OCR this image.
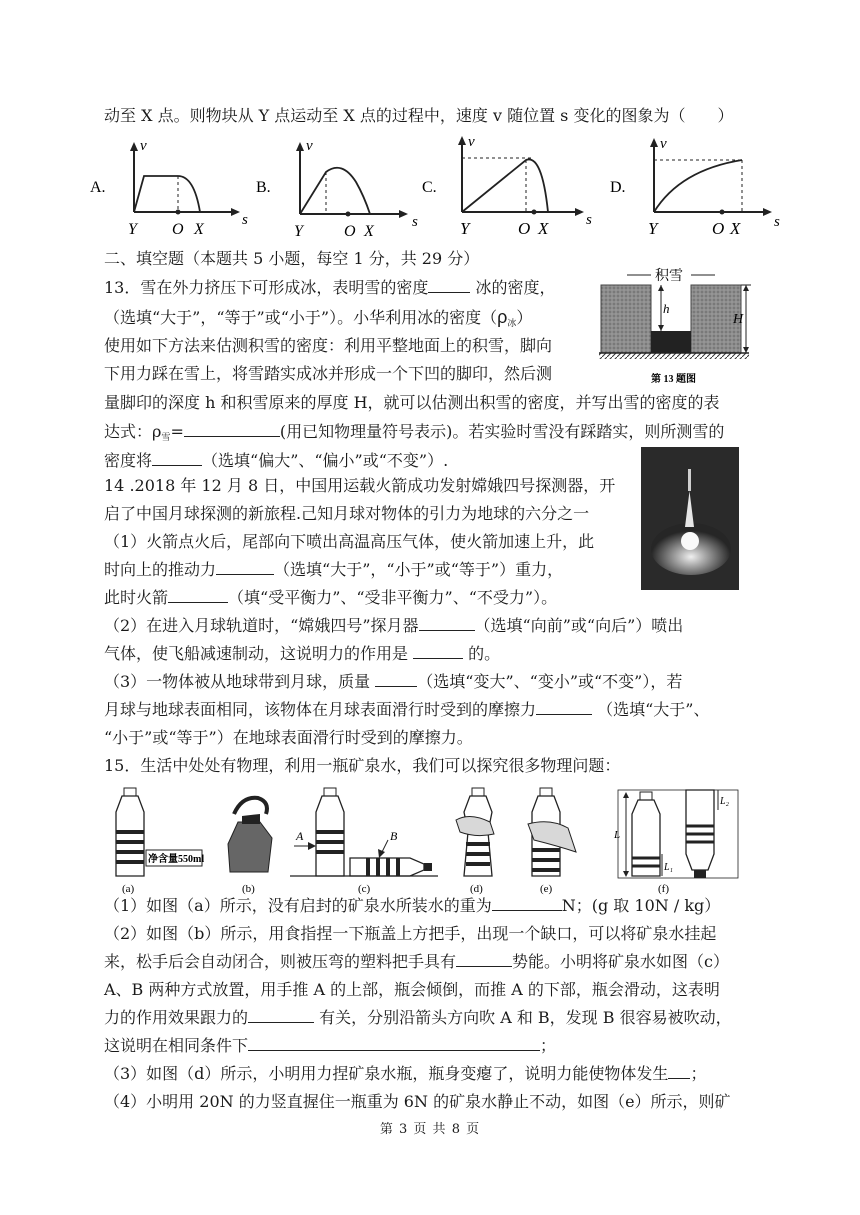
动至 X 点。则物块从 Y 点运动至 X 点的过程中，速度 v 随位置 s 变化的图象为（　　）
A.
v
s
Y O X
B.
v
s
Y	O X
C.
v
s
Y	O X
D.
v
s
Y	O X
二、填空题（本题共 5 小题，每空 1 分，共 29 分）
13．雪在外力挤压下可形成冰，表明雪的密度	冰的密度，
（选填“大于”，“等于”或“小于”）。小华利用冰的密度$(\rho_冰)$
使用如下方法来估测积雪的密度：利用平整地面上的积雪，脚向
下用力踩在雪上，将雪踏实成冰并形成一个下凹的脚印，然后测
量脚印的深度 h 和积雪原来的厚度 H，就可以估测出积雪的密度，并写出雪的密度的表
达式：$\rho_雪=$	(用已知物理量符号表示)。若实验时雪没有踩踏实，则所测雪的
密度将	（选填“偏大”、“偏小”或“不变”）.
积雪
h
H
第 13 题图
14 .2018 年 12 月 8 日，中国用运载火箭成功发射嫦娥四号探测器，开
启了中国月球探测的新旅程.己知月球对物体的引力为地球的六分之一
（1）火箭点火后，尾部向下喷出高温高压气体，使火箭加速上升，此
时向上的推动力	（选填“大于”，“小于”或“等于”）重力，
此时火箭	（填“受平衡力”、“受非平衡力”、“不受力”）。
（2）在进入月球轨道时，“嫦娥四号”探月器	（选填“向前”或“向后”）喷出
气体，使飞船减速制动，这说明力的作用是	的。
（3）一物体被从地球带到月球，质量	（选填“变大”、“变小”或“不变”），若
月球与地球表面相同，该物体在月球表面滑行时受到的摩擦力	（选填“大于”、
“小于”或“等于”）在地球表面滑行时受到的摩擦力。
15．生活中处处有物理，利用一瓶矿泉水，我们可以探究很多物理问题：
净含量550ml
(a)	(b)
A	B
(c)	(d)	(e)
L
L₁
L₂
(f)
（1）如图（a）所示，没有启封的矿泉水所装水的重为	N；(g 取 10N / kg）
（2）如图（b）所示，用食指捏一下瓶盖上方把手，出现一个缺口，可以将矿泉水挂起
来，松手后会自动闭合，则被压弯的塑料把手具有	势能。小明将矿泉水如图（c）
A、B 两种方式放置，用手推 A 的上部，瓶会倾倒，而推 A 的下部，瓶会滑动，这表明
力的作用效果跟力的	有关，分别沿箭头方向吹 A 和 B，发现 B 很容易被吹动，
这说明在相同条件下	；
（3）如图（d）所示，小明用力捏矿泉水瓶，瓶身变瘪了，说明力能使物体发生 ；
（4）小明用 20N 的力竖直握住一瓶重为 6N 的矿泉水静止不动，如图（e）所示，则矿
第 3 页 共 8 页
